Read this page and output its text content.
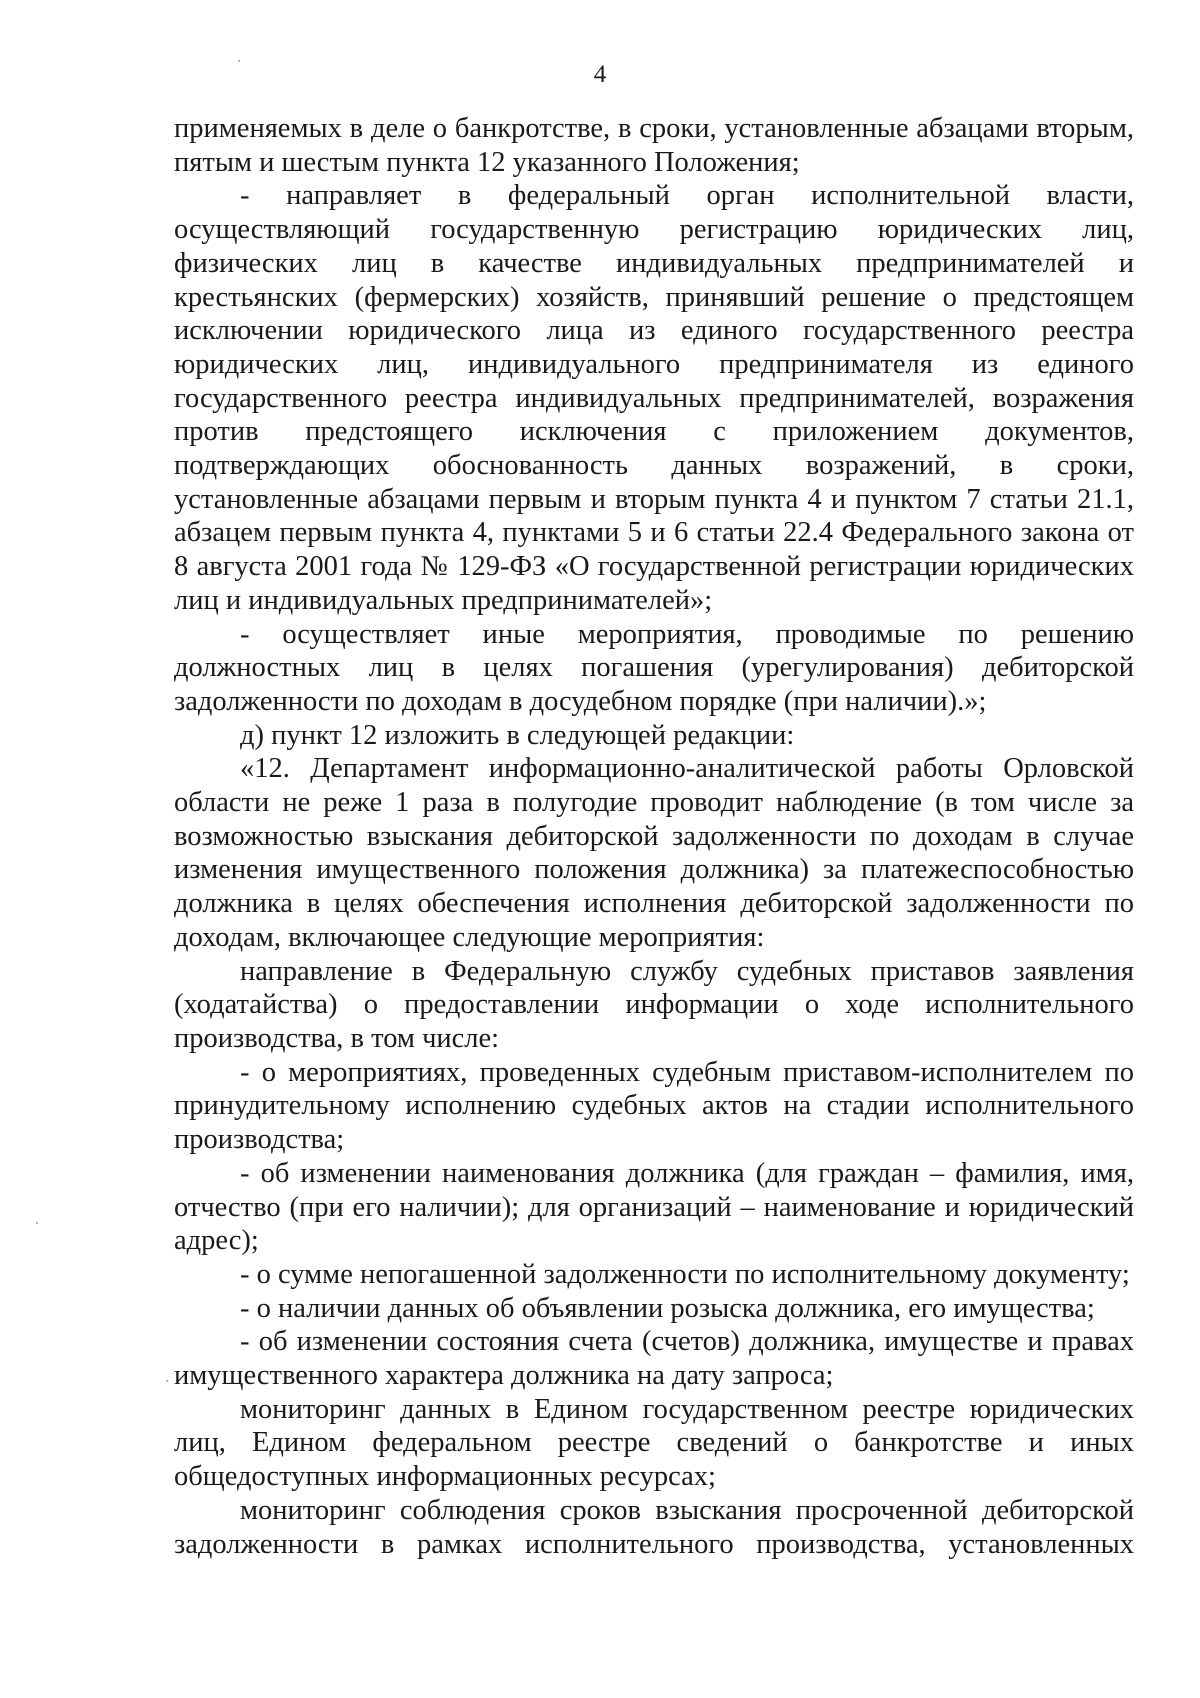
4

применяемых в деле о банкротстве, в сроки, установленные абзацами вторым, пятым и шестым пункта 12 указанного Положения;

- направляет в федеральный орган исполнительной власти, осуществляющий государственную регистрацию юридических лиц, физических лиц в качестве индивидуальных предпринимателей и крестьянских (фермерских) хозяйств, принявший решение о предстоящем исключении юридического лица из единого государственного реестра юридических лиц, индивидуального предпринимателя из единого государственного реестра индивидуальных предпринимателей, возражения против предстоящего исключения с приложением документов, подтверждающих обоснованность данных возражений, в сроки, установленные абзацами первым и вторым пункта 4 и пунктом 7 статьи 21.1, абзацем первым пункта 4, пунктами 5 и 6 статьи 22.4 Федерального закона от 8 августа 2001 года № 129-ФЗ «О государственной регистрации юридических лиц и индивидуальных предпринимателей»;

- осуществляет иные мероприятия, проводимые по решению должностных лиц в целях погашения (урегулирования) дебиторской задолженности по доходам в досудебном порядке (при наличии).»;

д) пункт 12 изложить в следующей редакции:

«12. Департамент информационно-аналитической работы Орловской области не реже 1 раза в полугодие проводит наблюдение (в том числе за возможностью взыскания дебиторской задолженности по доходам в случае изменения имущественного положения должника) за платежеспособностью должника в целях обеспечения исполнения дебиторской задолженности по доходам, включающее следующие мероприятия:

направление в Федеральную службу судебных приставов заявления (ходатайства) о предоставлении информации о ходе исполнительного производства, в том числе:

- о мероприятиях, проведенных судебным приставом-исполнителем по принудительному исполнению судебных актов на стадии исполнительного производства;

- об изменении наименования должника (для граждан – фамилия, имя, отчество (при его наличии); для организаций – наименование и юридический адрес);

- о сумме непогашенной задолженности по исполнительному документу;

- о наличии данных об объявлении розыска должника, его имущества;

- об изменении состояния счета (счетов) должника, имуществе и правах имущественного характера должника на дату запроса;

мониторинг данных в Едином государственном реестре юридических лиц, Едином федеральном реестре сведений о банкротстве и иных общедоступных информационных ресурсах;

мониторинг соблюдения сроков взыскания просроченной дебиторской задолженности в рамках исполнительного производства, установленных
